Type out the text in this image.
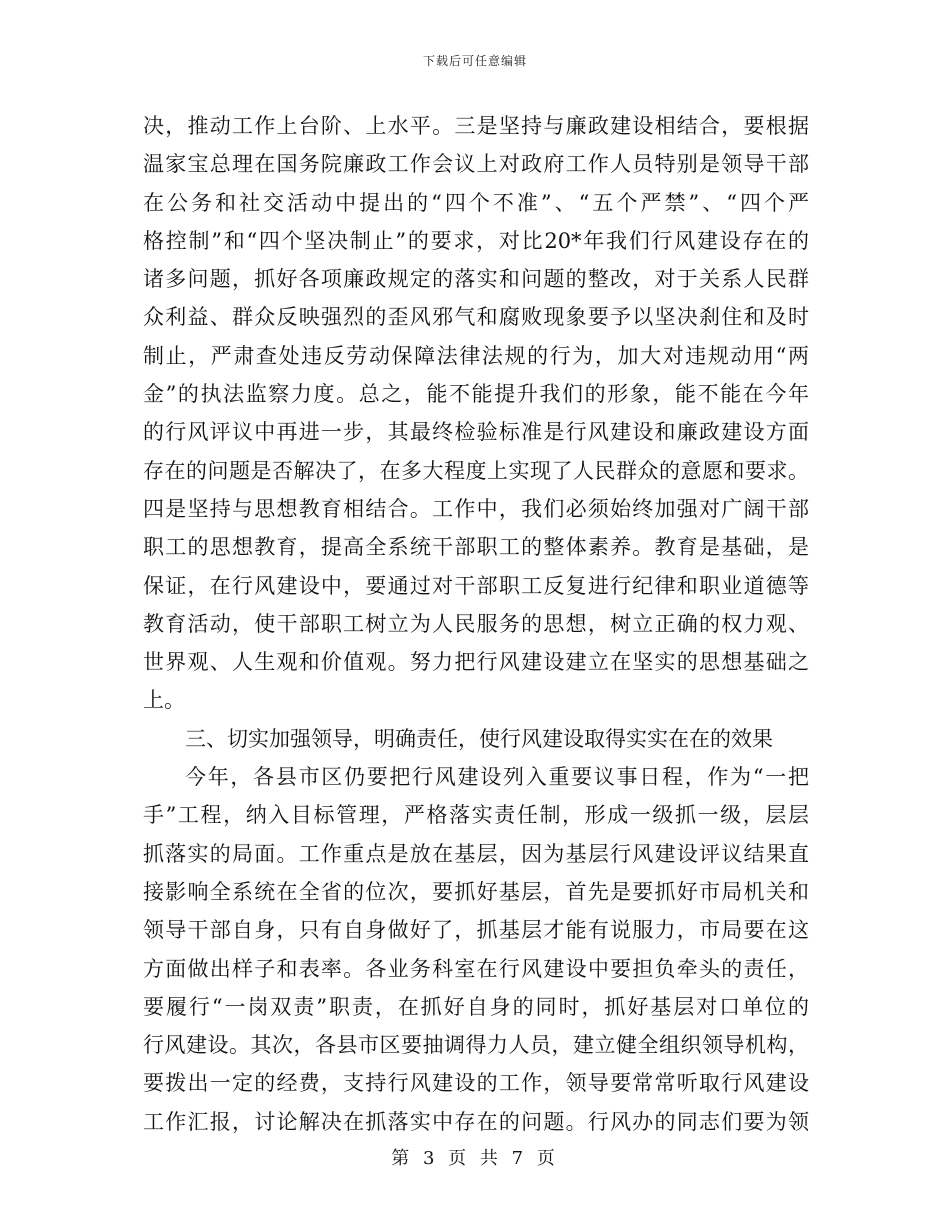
下载后可任意编辑
决，推动工作上台阶、上水平。三是坚持与廉政建设相结合，要根据
温家宝总理在国务院廉政工作会议上对政府工作人员特别是领导干部
在公务和社交活动中提出的“四个不准”、“五个严禁”、“四个严
格控制”和“四个坚决制止”的要求，对比20*年我们行风建设存在的
诸多问题，抓好各项廉政规定的落实和问题的整改，对于关系人民群
众利益、群众反映强烈的歪风邪气和腐败现象要予以坚决刹住和及时
制止，严肃查处违反劳动保障法律法规的行为，加大对违规动用“两
金”的执法监察力度。总之，能不能提升我们的形象，能不能在今年
的行风评议中再进一步，其最终检验标准是行风建设和廉政建设方面
存在的问题是否解决了，在多大程度上实现了人民群众的意愿和要求。
四是坚持与思想教育相结合。工作中，我们必须始终加强对广阔干部
职工的思想教育，提高全系统干部职工的整体素养。教育是基础，是
保证，在行风建设中，要通过对干部职工反复进行纪律和职业道德等
教育活动，使干部职工树立为人民服务的思想，树立正确的权力观、
世界观、人生观和价值观。努力把行风建设建立在坚实的思想基础之
上。
三、切实加强领导，明确责任，使行风建设取得实实在在的效果
今年，各县市区仍要把行风建设列入重要议事日程，作为“一把
手”工程，纳入目标管理，严格落实责任制，形成一级抓一级，层层
抓落实的局面。工作重点是放在基层，因为基层行风建设评议结果直
接影响全系统在全省的位次，要抓好基层，首先是要抓好市局机关和
领导干部自身，只有自身做好了，抓基层才能有说服力，市局要在这
方面做出样子和表率。各业务科室在行风建设中要担负牵头的责任，
要履行“一岗双责”职责，在抓好自身的同时，抓好基层对口单位的
行风建设。其次，各县市区要抽调得力人员，建立健全组织领导机构，
要拨出一定的经费，支持行风建设的工作，领导要常常听取行风建设
工作汇报，讨论解决在抓落实中存在的问题。行风办的同志们要为领
第 3 页 共 7 页
